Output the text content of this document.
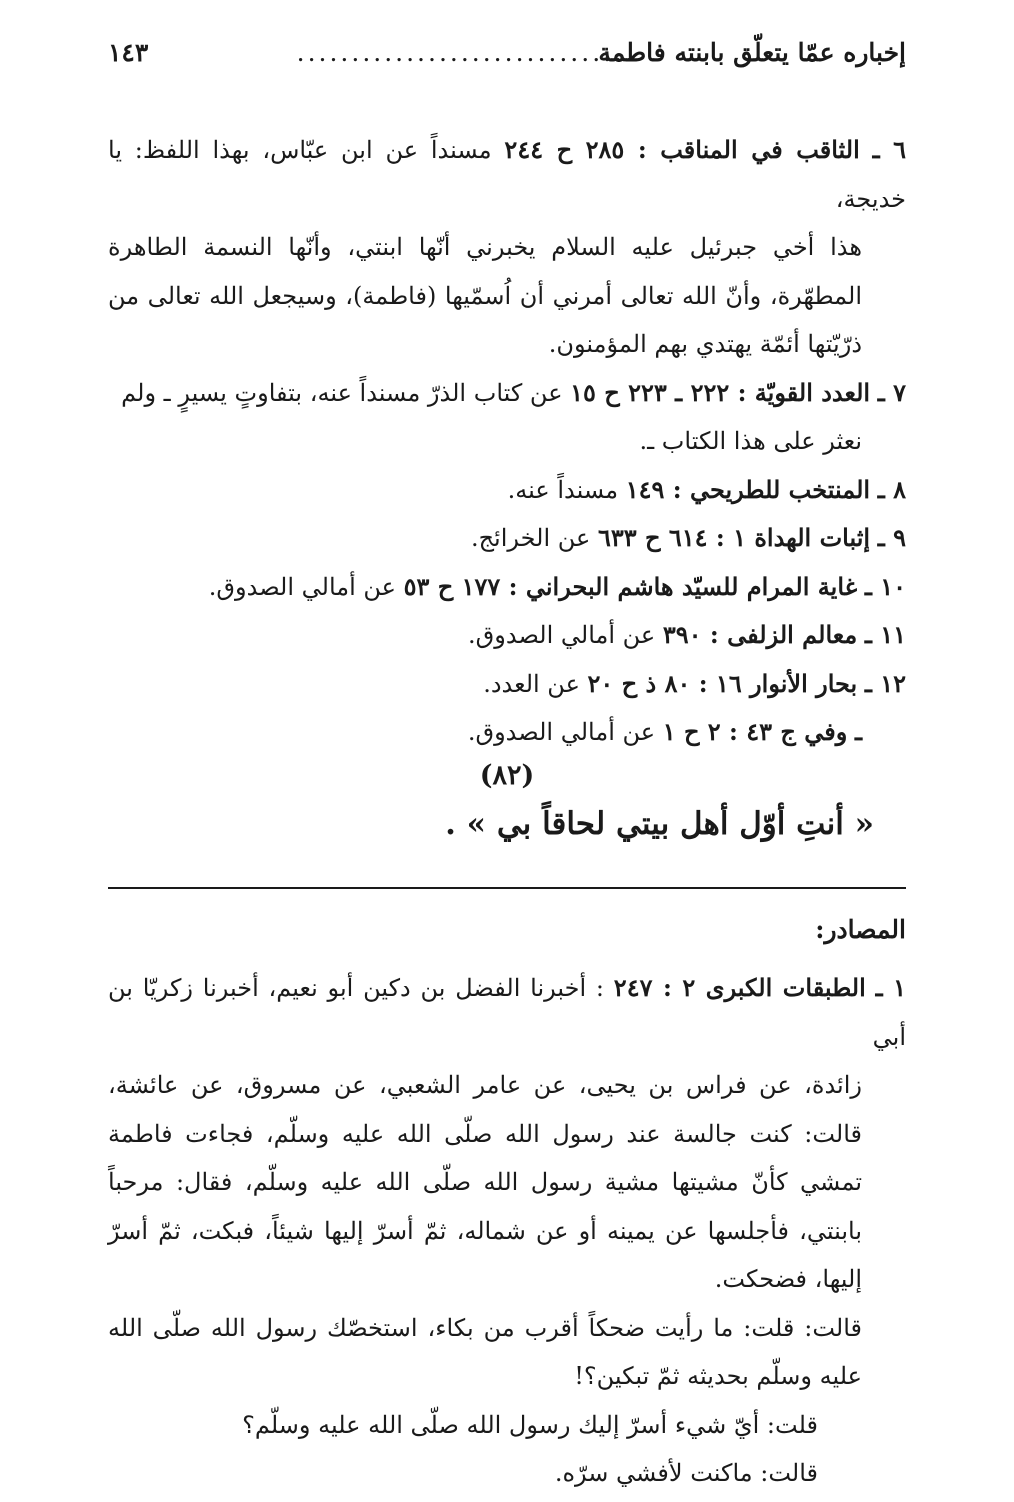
إخباره عمّا يتعلّق بابنته فاطمة
...............................
١٤٣
٦ ـ الثاقب في المناقب : ٢٨٥ ح ٢٤٤ مسنداً عن ابن عبّاس، بهذا اللفظ: يا خديجة،
هذا أخي جبرئيل عليه السلام يخبرني أنّها ابنتي، وأنّها النسمة الطاهرة المطهّرة، وأنّ الله تعالى أمرني أن اُسمّيها (فاطمة)، وسيجعل الله تعالى من ذرّيّتها أئمّة يهتدي بهم المؤمنون.
٧ ـ العدد القويّة : ٢٢٢ ـ ٢٢٣ ح ١٥ عن كتاب الذرّ مسنداً عنه، بتفاوتٍ يسيرٍ ـ ولم
نعثر على هذا الكتاب ـ.
٨ ـ المنتخب للطريحي : ١٤٩ مسنداً عنه.
٩ ـ إثبات الهداة ١ : ٦١٤ ح ٦٣٣ عن الخرائج.
١٠ ـ غاية المرام للسيّد هاشم البحراني : ١٧٧ ح ٥٣ عن أمالي الصدوق.
١١ ـ معالم الزلفى : ٣٩٠ عن أمالي الصدوق.
١٢ ـ بحار الأنوار ١٦ : ٨٠ ذ ح ٢٠ عن العدد.
ـ وفي ج ٤٣ : ٢ ح ١ عن أمالي الصدوق.
(٨٢)
« أنتِ أوّل أهل بيتي لحاقاً بي » .
المصادر:
١ ـ الطبقات الكبرى ٢ : ٢٤٧ : أخبرنا الفضل بن دكين أبو نعيم، أخبرنا زكريّا بن أبي
زائدة، عن فراس بن يحيى، عن عامر الشعبي، عن مسروق، عن عائشة، قالت: كنت جالسة عند رسول الله صلّى الله عليه وسلّم، فجاءت فاطمة تمشي كأنّ مشيتها مشية رسول الله صلّى الله عليه وسلّم، فقال: مرحباً بابنتي، فأجلسها عن يمينه أو عن شماله، ثمّ أسرّ إليها شيئاً، فبكت، ثمّ أسرّ إليها، فضحكت.
قالت: قلت: ما رأيت ضحكاً أقرب من بكاء، استخصّك رسول الله صلّى الله عليه وسلّم بحديثه ثمّ تبكين؟!
قلت: أيّ شيء أسرّ إليك رسول الله صلّى الله عليه وسلّم؟
قالت: ماكنت لأفشي سرّه.
